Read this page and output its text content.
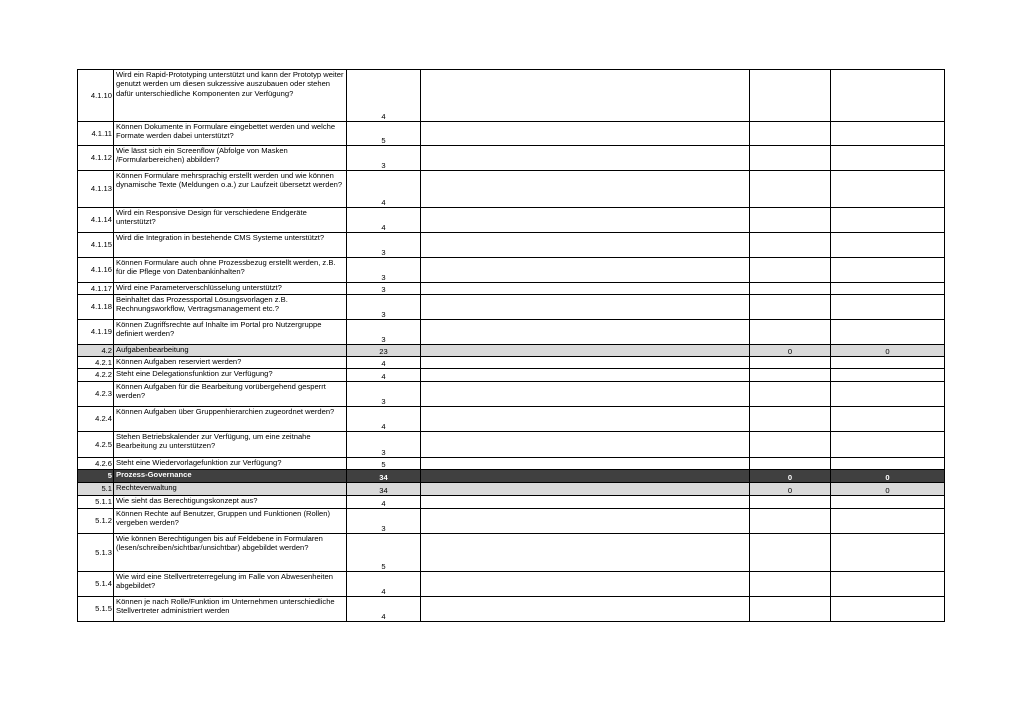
4.1.10	Wird ein Rapid-Prototyping unterstützt und kann der Prototyp weiter genutzt werden um diesen sukzessive auszubauen oder stehen dafür unterschiedliche Komponenten zur Verfügung?	4			
4.1.11	Können Dokumente in Formulare eingebettet werden und welche Formate werden dabei unterstützt?	5			
4.1.12	Wie lässt sich ein Screenflow (Abfolge von Masken /Formularbereichen) abbilden?	3			
4.1.13	Können Formulare mehrsprachig erstellt werden und wie können dynamische Texte (Meldungen o.a.) zur Laufzeit übersetzt werden?	4			
4.1.14	Wird ein Responsive Design für verschiedene Endgeräte unterstützt?	4			
4.1.15	Wird die Integration in bestehende CMS Systeme unterstützt?	3			
4.1.16	Können Formulare auch ohne Prozessbezug erstellt werden, z.B. für die Pflege von Datenbankinhalten?	3			
4.1.17	Wird eine Parameterverschlüsselung unterstützt?	3			
4.1.18	Beinhaltet das Prozessportal Lösungsvorlagen z.B. Rechnungsworkflow, Vertragsmanagement etc.?	3			
4.1.19	Können Zugriffsrechte auf Inhalte im Portal pro Nutzergruppe definiert werden?	3			
4.2	Aufgabenbearbeitung	23		0	0
4.2.1	Können Aufgaben reserviert werden?	4			
4.2.2	Steht eine Delegationsfunktion zur Verfügung?	4			
4.2.3	Können Aufgaben für die Bearbeitung vorübergehend gesperrt werden?	3			
4.2.4	Können Aufgaben über Gruppenhierarchien zugeordnet werden?	4			
4.2.5	Stehen Betriebskalender zur Verfügung, um eine zeitnahe Bearbeitung zu unterstützen?	3			
4.2.6	Steht eine Wiedervorlagefunktion zur Verfügung?	5			
5	Prozess-Governance	34		0	0
5.1	Rechteverwaltung	34		0	0
5.1.1	Wie sieht das Berechtigungskonzept aus?	4			
5.1.2	Können Rechte auf Benutzer, Gruppen und Funktionen (Rollen) vergeben werden?	3			
5.1.3	Wie können Berechtigungen bis auf Feldebene in Formularen (lesen/schreiben/sichtbar/unsichtbar) abgebildet werden?	5			
5.1.4	Wie wird eine Stellvertreterregelung im Falle von Abwesenheiten abgebildet?	4			
5.1.5	Können je nach Rolle/Funktion im Unternehmen unterschiedliche Stellvertreter administriert werden	4			
